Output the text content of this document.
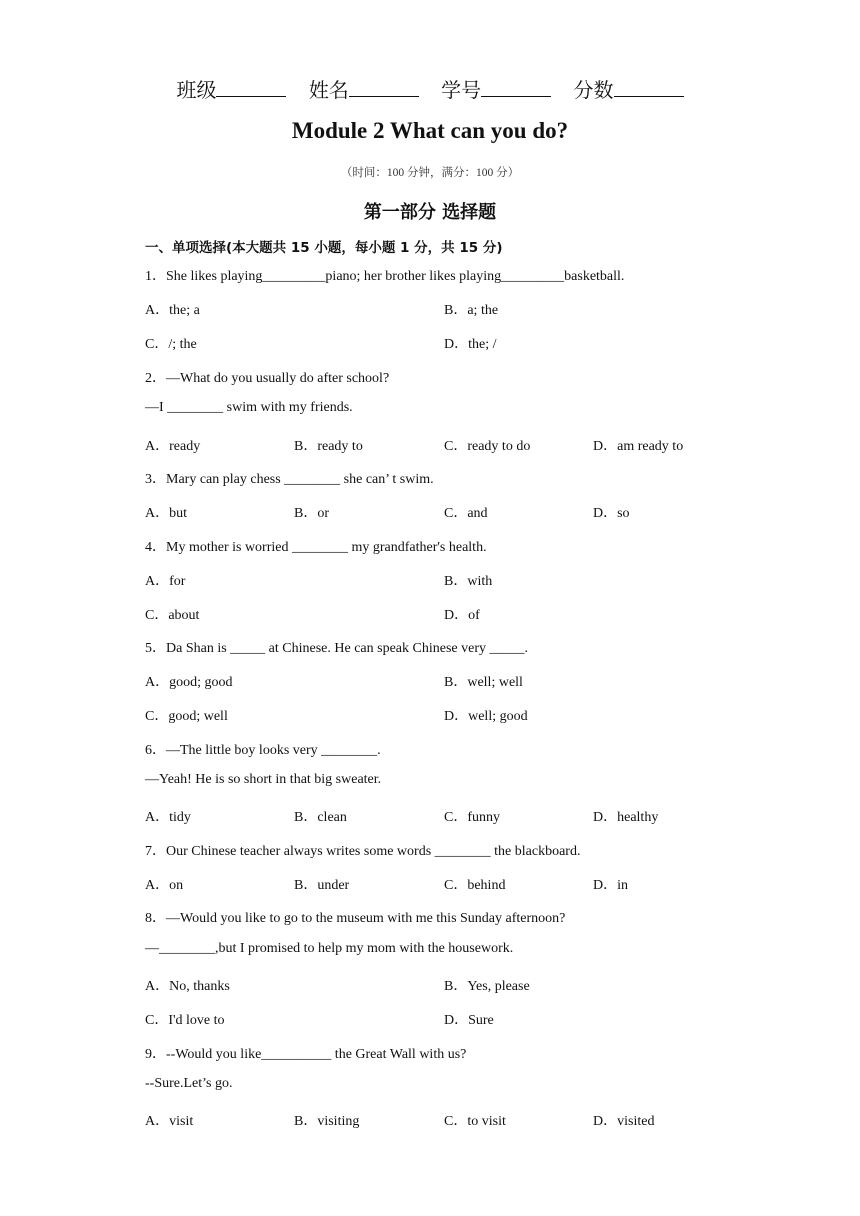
班级	姓名	学号	分数
Module 2 What can you do?
（时间：100 分钟，满分：100 分）
第一部分 选择题
一、单项选择(本大题共 15 小题，每小题 1 分，共 15 分)
1．She likes playing_________piano; her brother likes playing_________basketball.
A．the; a	B．a; the
C．/; the	D．the; /
2．—What do you usually do after school?
—I ________ swim with my friends.
A．ready	B．ready to	C．ready to do	D．am ready to
3．Mary can play chess ________ she can’ t swim.
A．but	B．or	C．and	D．so
4．My mother is worried ________ my grandfather's health.
A．for	B．with
C．about	D．of
5．Da Shan is _____ at Chinese. He can speak Chinese very _____.
A．good; good	B．well; well
C．good; well	D．well; good
6．—The little boy looks very ________.
—Yeah! He is so short in that big sweater.
A．tidy	B．clean	C．funny	D．healthy
7．Our Chinese teacher always writes some words ________ the blackboard.
A．on	B．under	C．behind	D．in
8．—Would you like to go to the museum with me this Sunday afternoon?
—________,but I promised to help my mom with the housework.
A．No, thanks	B．Yes, please
C．I'd love to	D．Sure
9．--Would you like__________ the Great Wall with us?
--Sure.Let’s go.
A．visit	B．visiting	C．to visit	D．visited
